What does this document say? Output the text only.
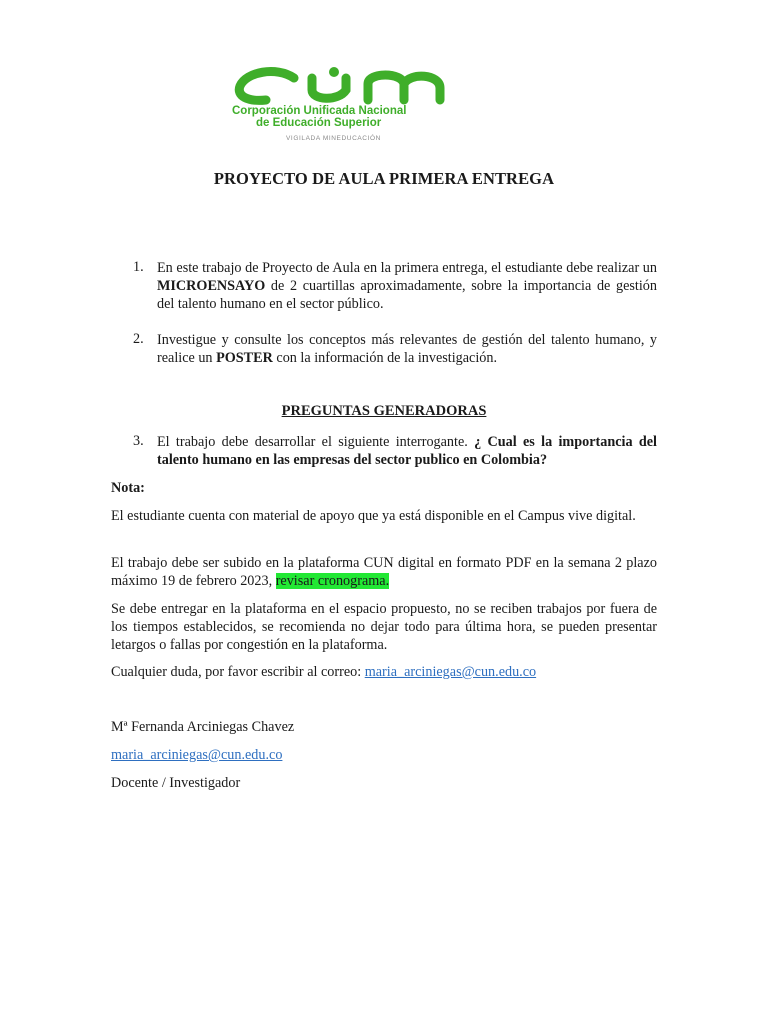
Corporación Unificada Nacional
de Educación Superior
VIGILADA MINEDUCACIÓN
PROYECTO DE AULA PRIMERA ENTREGA
1. En este trabajo de Proyecto de Aula en la primera entrega, el estudiante debe realizar un MICROENSAYO de 2 cuartillas aproximadamente, sobre la importancia de gestión del talento humano en el sector público.
2. Investigue y consulte los conceptos más relevantes de gestión del talento humano, y realice un POSTER con la información de la investigación.
PREGUNTAS GENERADORAS
3. El trabajo debe desarrollar el siguiente interrogante. ¿ Cual es la importancia del talento humano en las empresas del sector publico en Colombia?
Nota:
El estudiante cuenta con material de apoyo que ya está disponible en el Campus vive digital.
El trabajo debe ser subido en la plataforma CUN digital en formato PDF en la semana 2 plazo máximo 19 de febrero 2023, revisar cronograma.
Se debe entregar en la plataforma en el espacio propuesto, no se reciben trabajos por fuera de los tiempos establecidos, se recomienda no dejar todo para última hora, se pueden presentar letargos o fallas por congestión en la plataforma.
Cualquier duda, por favor escribir al correo: maria_arciniegas@cun.edu.co
Mª Fernanda Arciniegas Chavez
maria_arciniegas@cun.edu.co
Docente / Investigador
